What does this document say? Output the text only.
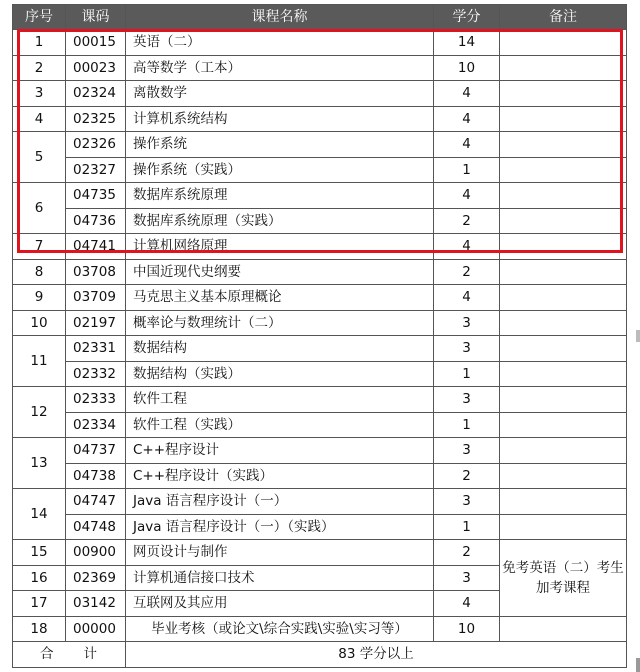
序号	课码	课程名称	学分	备注
1	00015	英语（二）	14	
2	00023	高等数学（工本）	10	
3	02324	离散数学	4	
4	02325	计算机系统结构	4	
5	02326	操作系统	4	
	02327	操作系统（实践）	1	
6	04735	数据库系统原理	4	
	04736	数据库系统原理（实践）	2	
7	04741	计算机网络原理	4	
8	03708	中国近现代史纲要	2	
9	03709	马克思主义基本原理概论	4	
10	02197	概率论与数理统计（二）	3	
11	02331	数据结构	3	
	02332	数据结构（实践）	1	
12	02333	软件工程	3	
	02334	软件工程（实践）	1	
13	04737	C++程序设计	3	
	04738	C++程序设计（实践）	2	
14	04747	Java 语言程序设计（一）	3	
	04748	Java 语言程序设计（一）（实践）	1	
15	00900	网页设计与制作	2	免考英语（二）考生加考课程
16	02369	计算机通信接口技术	3	
17	03142	互联网及其应用	4	
18	00000	毕业考核（或论文\综合实践\实验\实习等）	10	
合　　计		83 学分以上		
